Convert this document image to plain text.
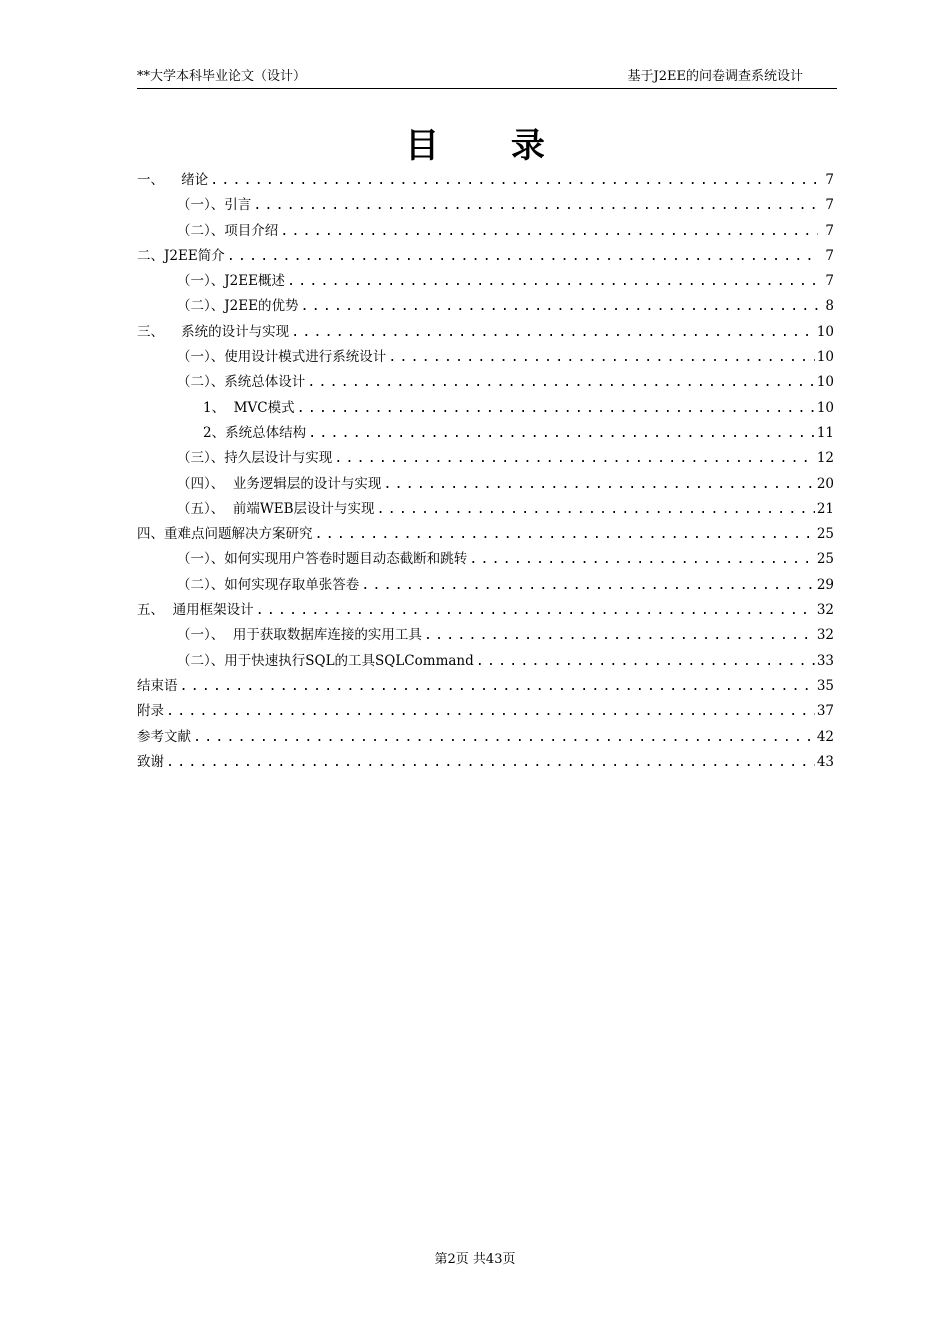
**大学本科毕业论文（设计）	基于J2EE的问卷调查系统设计
目 录
一、    绪论 .....	7
（一）、引言 .....	7
（二）、项目介绍 .....	7
二、J2EE简介 .....	7
（一）、J2EE概述 .....	7
（二）、J2EE的优势 .....	8
三、    系统的设计与实现 .....	10
（一）、使用设计模式进行系统设计 .....	10
（二）、系统总体设计 .....	10
1、  MVC模式 .....	10
2、系统总体结构 .....	11
（三）、持久层设计与实现 .....	12
（四）、  业务逻辑层的设计与实现 .....	20
（五）、  前端WEB层设计与实现 .....	21
四、重难点问题解决方案研究 .....	25
（一）、如何实现用户答卷时题目动态截断和跳转 .....	25
（二）、如何实现存取单张答卷 .....	29
五、  通用框架设计 .....	32
（一）、  用于获取数据库连接的实用工具 .....	32
（二）、用于快速执行SQL的工具SQLCommand .....	33
结束语 .....	35
附录 .....	37
参考文献 .....	42
致谢 .....	43
第2页 共43页
